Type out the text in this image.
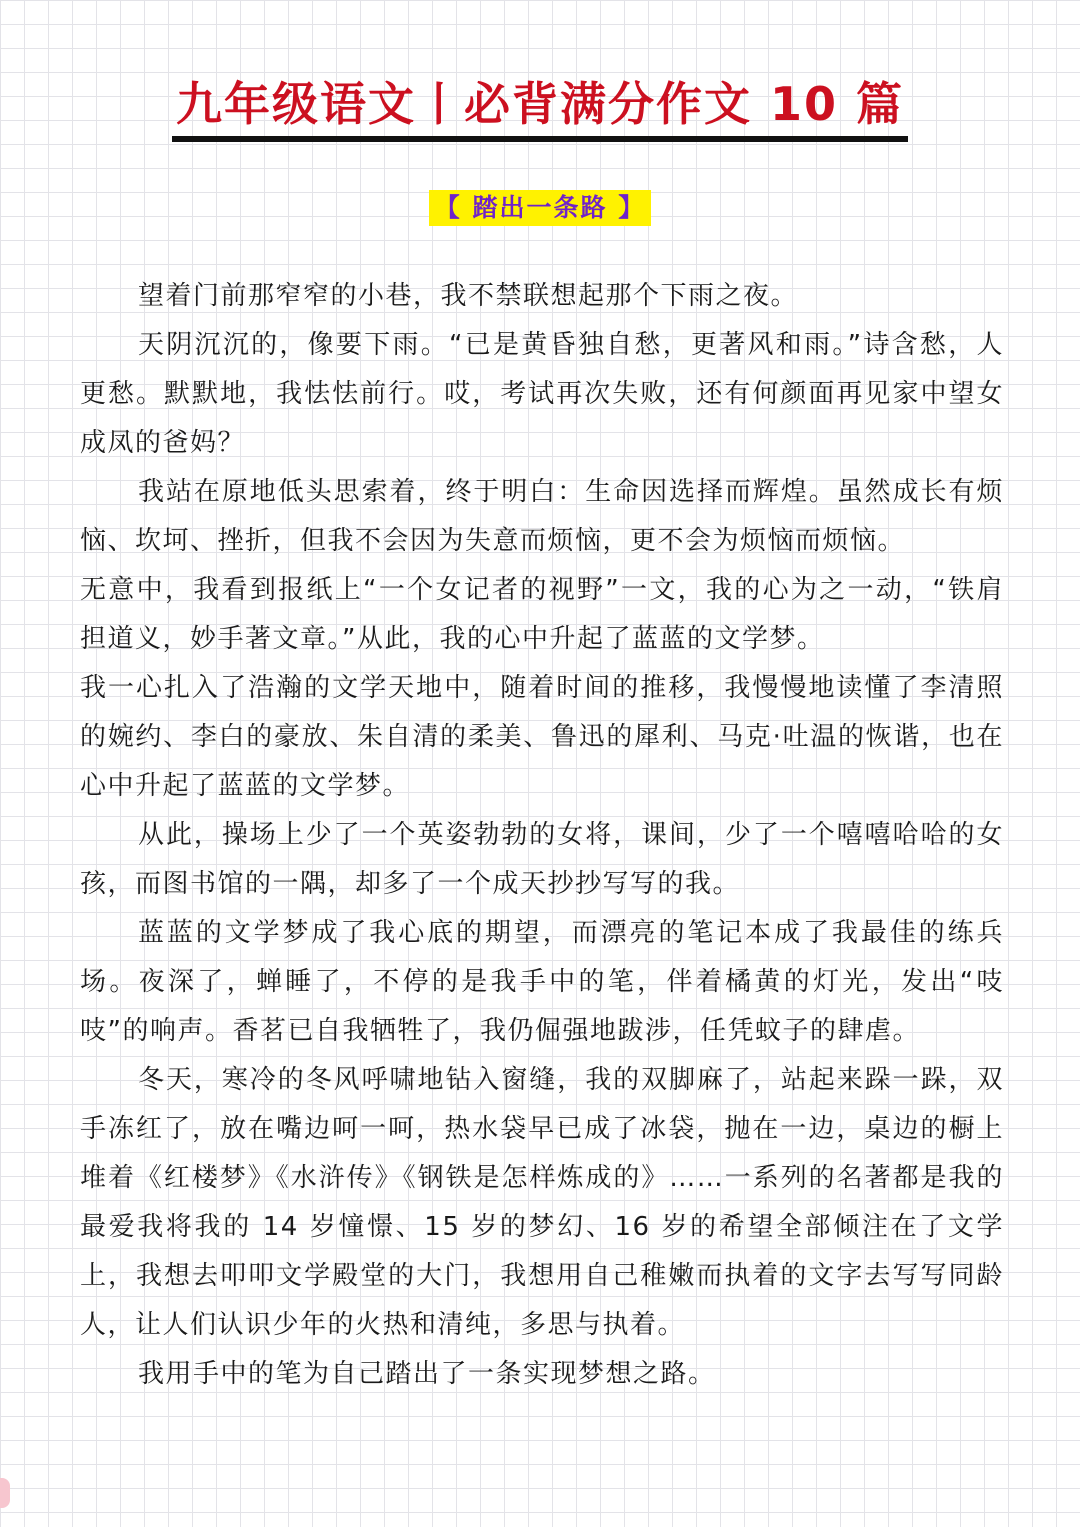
九年级语文丨必背满分作文 10 篇
【 踏出一条路 】

望着门前那窄窄的小巷，我不禁联想起那个下雨之夜。

天阴沉沉的，像要下雨。“已是黄昏独自愁，更著风和雨。”诗含愁，人更愁。默默地，我怯怯前行。哎，考试再次失败，还有何颜面再见家中望女成凤的爸妈？

我站在原地低头思索着，终于明白：生命因选择而辉煌。虽然成长有烦恼、坎坷、挫折，但我不会因为失意而烦恼，更不会为烦恼而烦恼。

无意中，我看到报纸上“一个女记者的视野”一文，我的心为之一动，“铁肩担道义，妙手著文章。”从此，我的心中升起了蓝蓝的文学梦。

我一心扎入了浩瀚的文学天地中，随着时间的推移，我慢慢地读懂了李清照的婉约、李白的豪放、朱自清的柔美、鲁迅的犀利、马克·吐温的恢谐，也在心中升起了蓝蓝的文学梦。

从此，操场上少了一个英姿勃勃的女将，课间，少了一个嘻嘻哈哈的女孩，而图书馆的一隅，却多了一个成天抄抄写写的我。

蓝蓝的文学梦成了我心底的期望，而漂亮的笔记本成了我最佳的练兵场。夜深了，蝉睡了，不停的是我手中的笔，伴着橘黄的灯光，发出“吱吱”的响声。香茗已自我牺牲了，我仍倔强地跋涉，任凭蚊子的肆虐。

冬天，寒冷的冬风呼啸地钻入窗缝，我的双脚麻了，站起来跺一跺，双手冻红了，放在嘴边呵一呵，热水袋早已成了冰袋，抛在一边，桌边的橱上堆着《红楼梦》《水浒传》《钢铁是怎样炼成的》……一系列的名著都是我的最爱我将我的 14 岁憧憬、15 岁的梦幻、16 岁的希望全部倾注在了文学上，我想去叩叩文学殿堂的大门，我想用自己稚嫩而执着的文字去写写同龄人，让人们认识少年的火热和清纯，多思与执着。

我用手中的笔为自己踏出了一条实现梦想之路。
